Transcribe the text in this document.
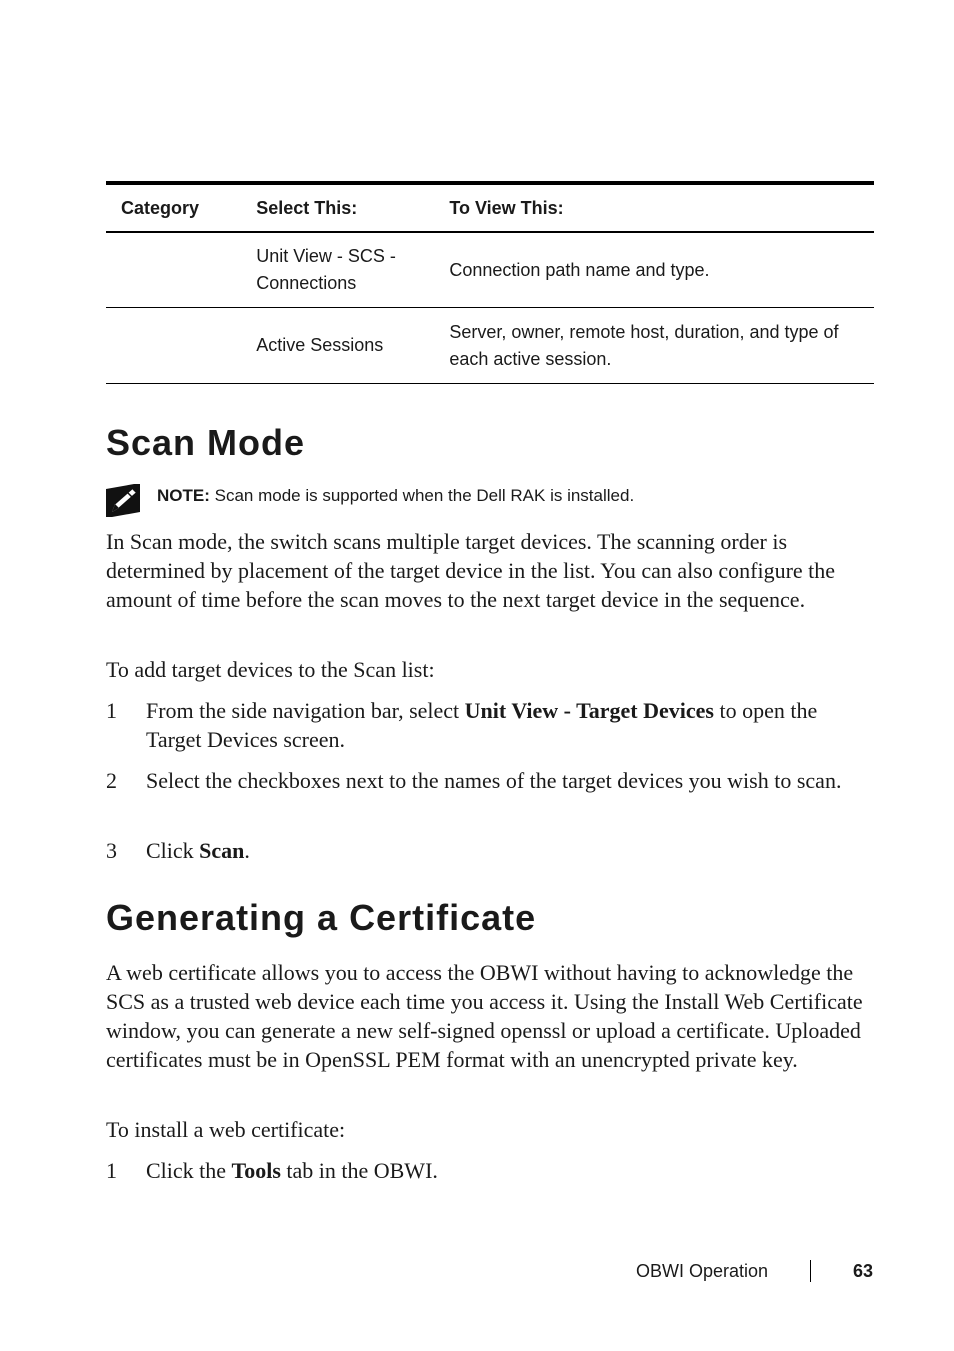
Category	Select This:	To View This:
	Unit View - SCS - Connections	Connection path name and type.
	Active Sessions	Server, owner, remote host, duration, and type of each active session.
Scan Mode
NOTE: Scan mode is supported when the Dell RAK is installed.

In Scan mode, the switch scans multiple target devices. The scanning order is determined by placement of the target device in the list. You can also configure the amount of time before the scan moves to the next target device in the sequence.

To add target devices to the Scan list:

1 From the side navigation bar, select Unit View - Target Devices to open the Target Devices screen.
2 Select the checkboxes next to the names of the target devices you wish to scan.
3 Click Scan.
Generating a Certificate

A web certificate allows you to access the OBWI without having to acknowledge the SCS as a trusted web device each time you access it. Using the Install Web Certificate window, you can generate a new self-signed openssl or upload a certificate. Uploaded certificates must be in OpenSSL PEM format with an unencrypted private key.

To install a web certificate:

1 Click the Tools tab in the OBWI.
OBWI Operation	63
